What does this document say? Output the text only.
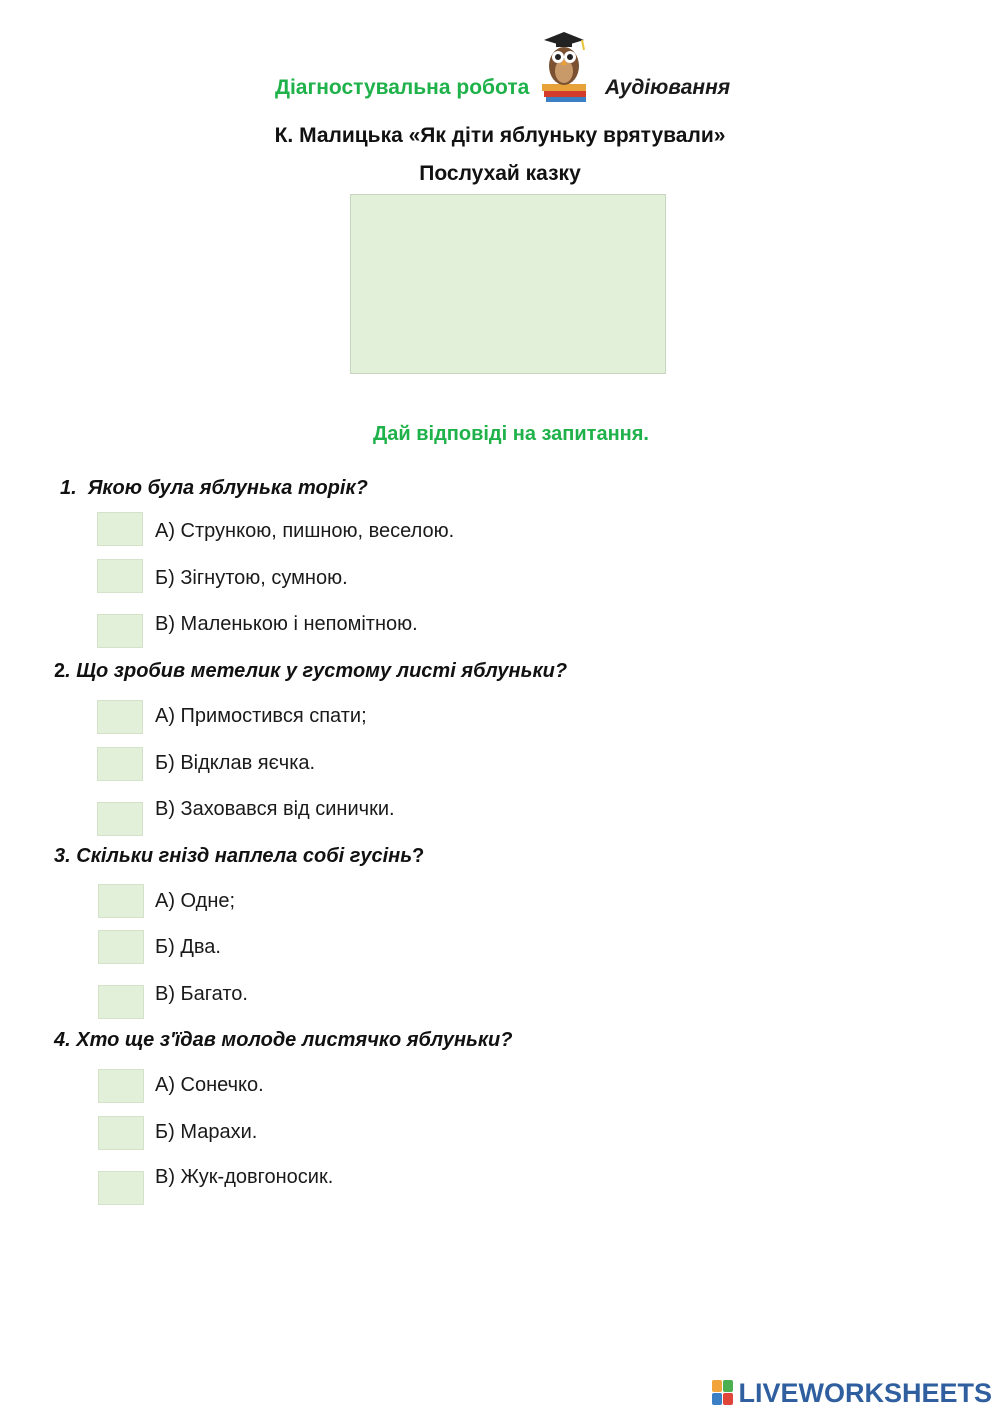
Діагностувальна робота	Аудіювання
К. Малицька «Як діти яблуньку врятували»
Послухай казку
Дай відповіді на запитання.
1. Якою була яблунька торік?
А) Стрункою, пишною, веселою.
Б) Зігнутою, сумною.
В) Маленькою і непомітною.
2. Що зробив метелик у густому листі яблуньки?
А) Примостився спати;
Б) Відклав яєчка.
В) Заховався від синички.
3. Скільки гнізд наплела собі гусінь?
А) Одне;
Б) Два.
В) Багато.
4. Хто ще з'їдав молоде листячко яблуньки?
А) Сонечко.
Б) Марахи.
В) Жук-довгоносик.
LIVEWORKSHEETS
